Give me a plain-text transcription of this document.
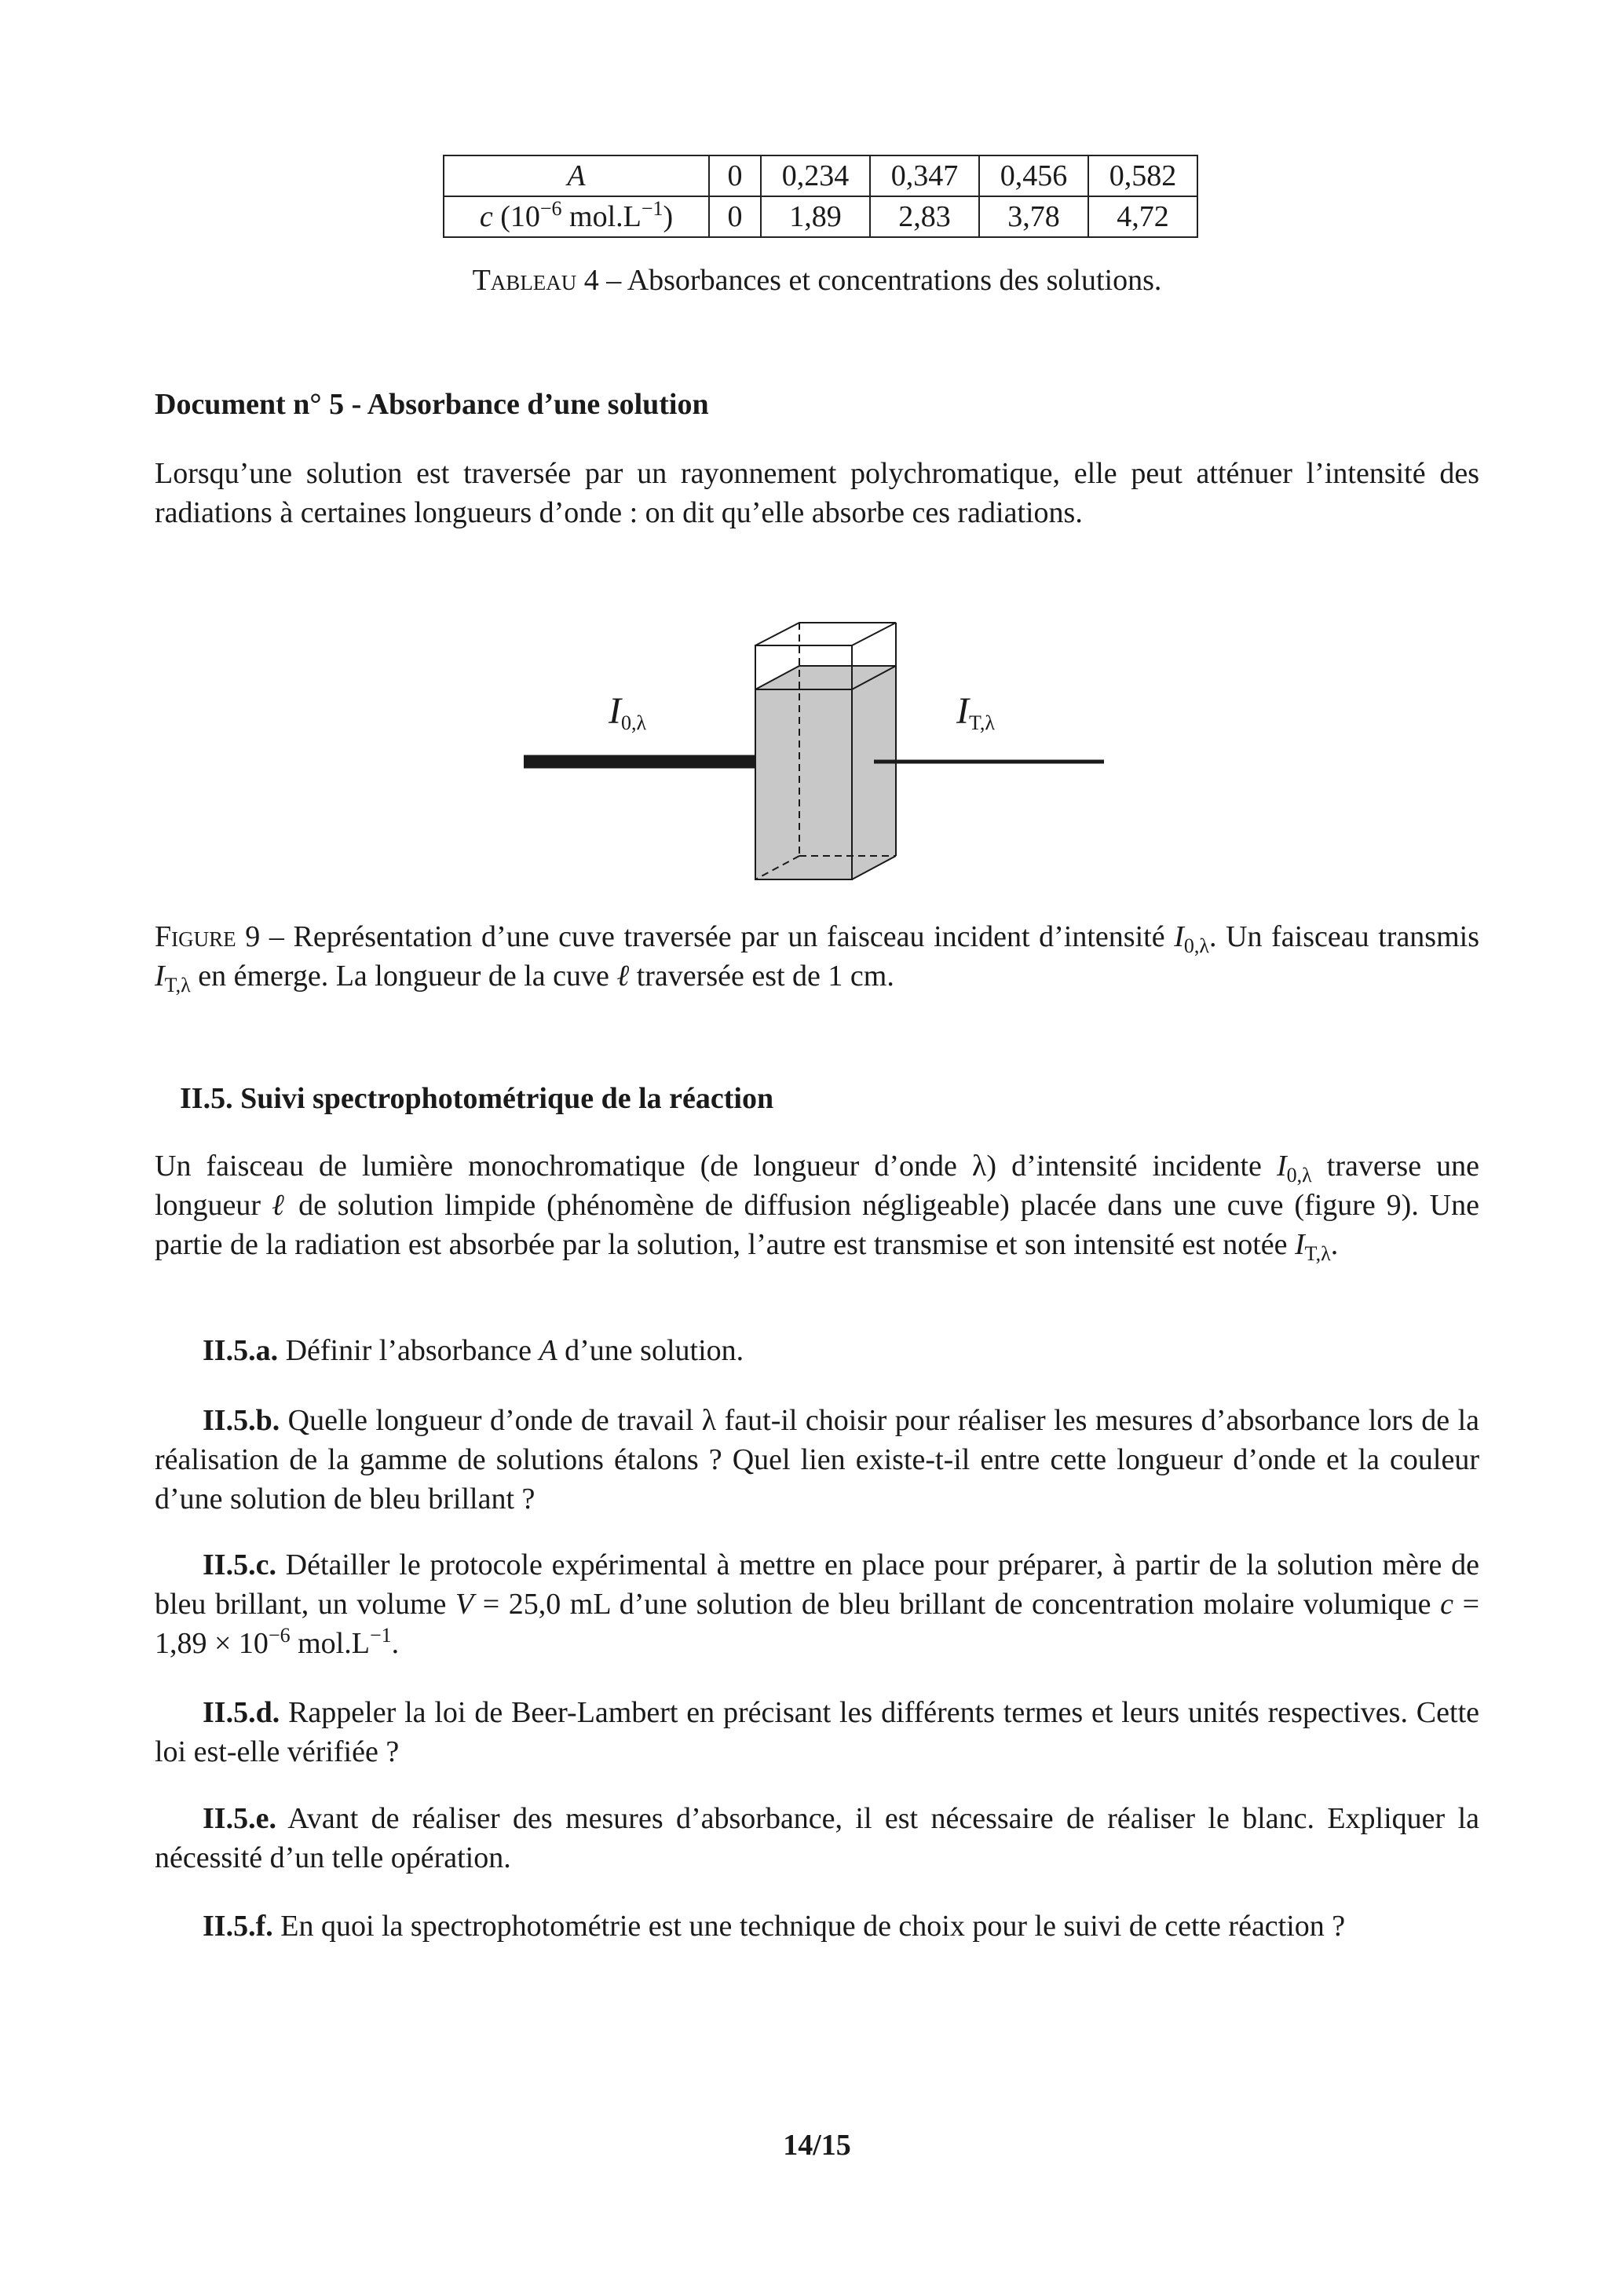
A	0	0,234	0,347	0,456	0,582
c ($10^{-6}$ $mol.L^{-1}$)	0	1,89	2,83	3,78	4,72
Tableau 4 – Absorbances et concentrations des solutions.
Document n° 5 - Absorbance d’une solution
Lorsqu’une solution est traversée par un rayonnement polychromatique, elle peut atténuer l’intensité des radiations à certaines longueurs d’onde : on dit qu’elle absorbe ces radiations.
$I_{0,\lambda}$	$I_{T,\lambda}$
Figure 9 – Représentation d’une cuve traversée par un faisceau incident d’intensité $I_{0,\lambda}$. Un faisceau transmis $I_{T,\lambda}$ en émerge. La longueur de la cuve ℓ traversée est de 1 cm.
II.5. Suivi spectrophotométrique de la réaction
Un faisceau de lumière monochromatique (de longueur d’onde λ) d’intensité incidente $I_{0,\lambda}$ traverse une longueur ℓ de solution limpide (phénomène de diffusion négligeable) placée dans une cuve (figure 9). Une partie de la radiation est absorbée par la solution, l’autre est transmise et son intensité est notée $I_{T,\lambda}$.
II.5.a. Définir l’absorbance A d’une solution.
II.5.b. Quelle longueur d’onde de travail λ faut-il choisir pour réaliser les mesures d’absorbance lors de la réalisation de la gamme de solutions étalons ? Quel lien existe-t-il entre cette longueur d’onde et la couleur d’une solution de bleu brillant ?
II.5.c. Détailler le protocole expérimental à mettre en place pour préparer, à partir de la solution mère de bleu brillant, un volume V = 25,0 mL d’une solution de bleu brillant de concentration molaire volumique $c = 1,89 \times 10^{-6}$ $mol.L^{-1}$.
II.5.d. Rappeler la loi de Beer-Lambert en précisant les différents termes et leurs unités respectives. Cette loi est-elle vérifiée ?
II.5.e. Avant de réaliser des mesures d’absorbance, il est nécessaire de réaliser le blanc. Expliquer la nécessité d’un telle opération.
II.5.f. En quoi la spectrophotométrie est une technique de choix pour le suivi de cette réaction ?
14/15
